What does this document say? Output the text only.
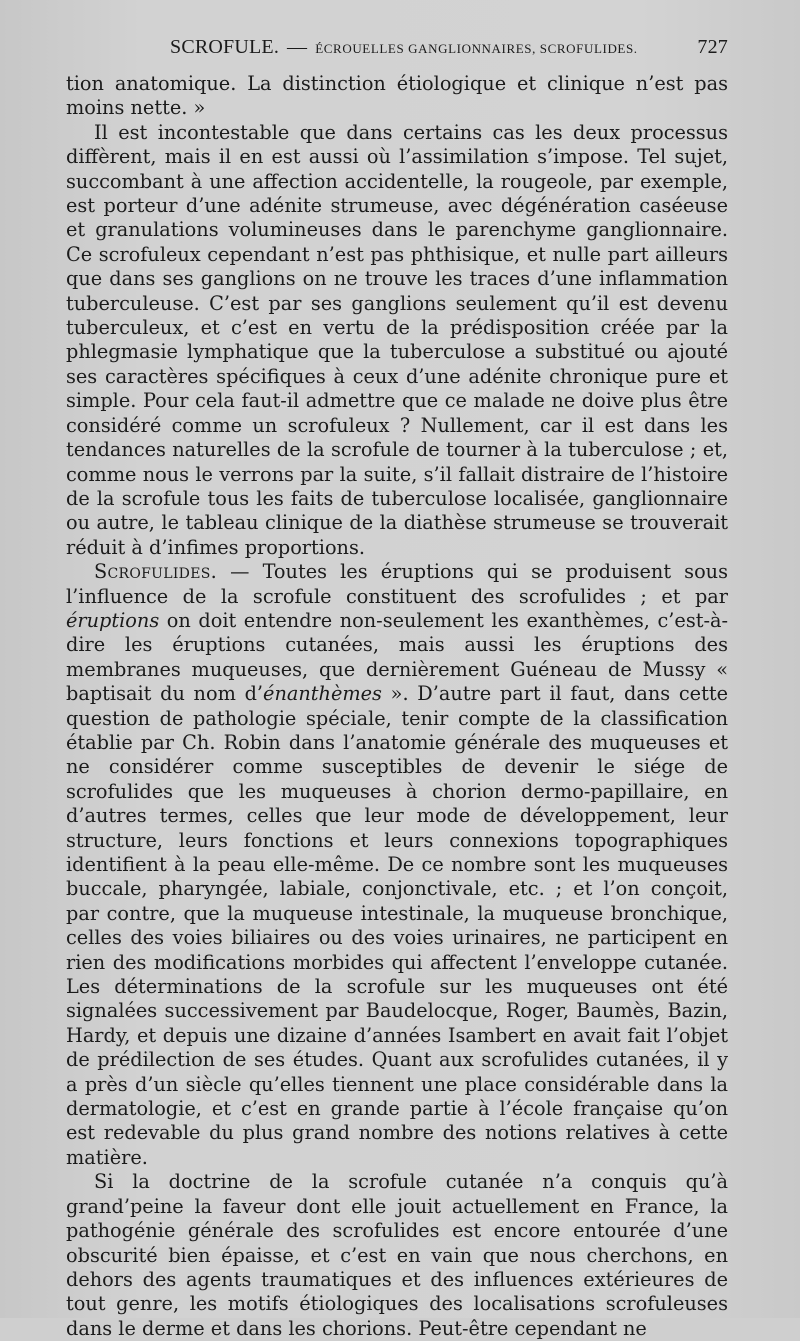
SCROFULE. — ÉCROUELLES GANGLIONNAIRES, SCROFULIDES.	727

tion anatomique. La distinction étiologique et clinique n’est pas moins nette. »

Il est incontestable que dans certains cas les deux processus diffèrent, mais il en est aussi où l’assimilation s’impose. Tel sujet, succombant à une affection accidentelle, la rougeole, par exemple, est porteur d’une adénite strumeuse, avec dégénération caséeuse et granulations volumineuses dans le parenchyme ganglionnaire. Ce scrofuleux cependant n’est pas phthisique, et nulle part ailleurs que dans ses ganglions on ne trouve les traces d’une inflammation tuberculeuse. C’est par ses ganglions seulement qu’il est devenu tuberculeux, et c’est en vertu de la prédisposition créée par la phlegmasie lymphatique que la tuberculose a substitué ou ajouté ses caractères spécifiques à ceux d’une adénite chronique pure et simple. Pour cela faut-il admettre que ce malade ne doive plus être considéré comme un scrofuleux ? Nullement, car il est dans les tendances naturelles de la scrofule de tourner à la tuberculose ; et, comme nous le verrons par la suite, s’il fallait distraire de l’histoire de la scrofule tous les faits de tuberculose localisée, ganglionnaire ou autre, le tableau clinique de la diathèse strumeuse se trouverait réduit à d’infimes proportions.

Scrofulides. — Toutes les éruptions qui se produisent sous l’influence de la scrofule constituent des scrofulides ; et par éruptions on doit entendre non-seulement les exanthèmes, c’est-à-dire les éruptions cutanées, mais aussi les éruptions des membranes muqueuses, que dernièrement Guéneau de Mussy « baptisait du nom d’énanthèmes ». D’autre part il faut, dans cette question de pathologie spéciale, tenir compte de la classification établie par Ch. Robin dans l’anatomie générale des muqueuses et ne considérer comme susceptibles de devenir le siége de scrofulides que les muqueuses à chorion dermo-papillaire, en d’autres termes, celles que leur mode de développement, leur structure, leurs fonctions et leurs connexions topographiques identifient à la peau elle-même. De ce nombre sont les muqueuses buccale, pharyngée, labiale, conjonctivale, etc. ; et l’on conçoit, par contre, que la muqueuse intestinale, la muqueuse bronchique, celles des voies biliaires ou des voies urinaires, ne participent en rien des modifications morbides qui affectent l’enveloppe cutanée. Les déterminations de la scrofule sur les muqueuses ont été signalées successivement par Baudelocque, Roger, Baumès, Bazin, Hardy, et depuis une dizaine d’années Isambert en avait fait l’objet de prédilection de ses études. Quant aux scrofulides cutanées, il y a près d’un siècle qu’elles tiennent une place considérable dans la dermatologie, et c’est en grande partie à l’école française qu’on est redevable du plus grand nombre des notions relatives à cette matière.

Si la doctrine de la scrofule cutanée n’a conquis qu’à grand’peine la faveur dont elle jouit actuellement en France, la pathogénie générale des scrofulides est encore entourée d’une obscurité bien épaisse, et c’est en vain que nous cherchons, en dehors des agents traumatiques et des influences extérieures de tout genre, les motifs étiologiques des localisations scrofuleuses dans le derme et dans les chorions. Peut-être cependant ne
